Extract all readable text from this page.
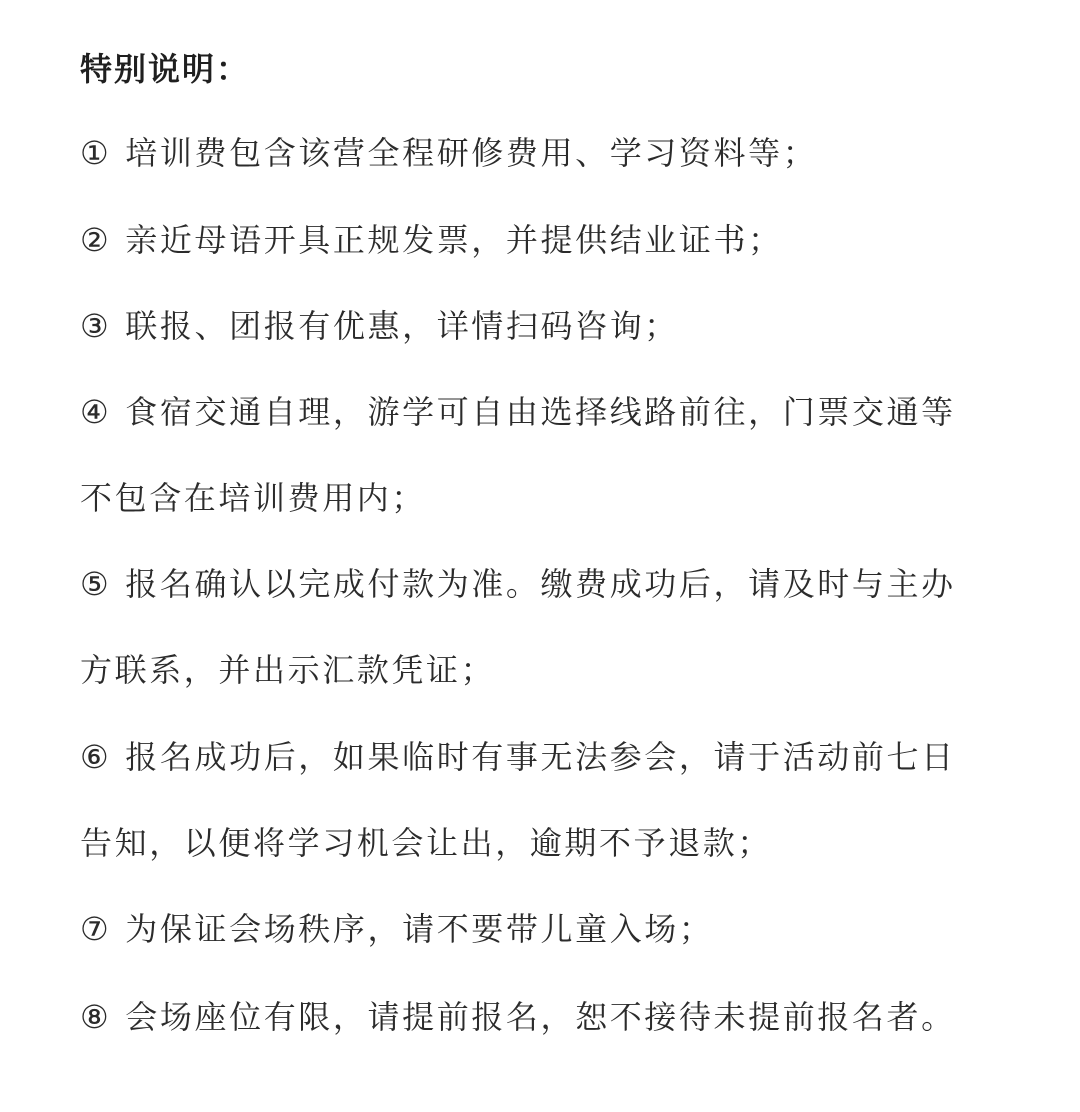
特别说明：
① 培训费包含该营全程研修费用、学习资料等；
② 亲近母语开具正规发票，并提供结业证书；
③ 联报、团报有优惠，详情扫码咨询；
④ 食宿交通自理，游学可自由选择线路前往，门票交通等
不包含在培训费用内；
⑤ 报名确认以完成付款为准。缴费成功后，请及时与主办
方联系，并出示汇款凭证；
⑥ 报名成功后，如果临时有事无法参会，请于活动前七日
告知，以便将学习机会让出，逾期不予退款；
⑦ 为保证会场秩序，请不要带儿童入场；
⑧ 会场座位有限，请提前报名，恕不接待未提前报名者。
